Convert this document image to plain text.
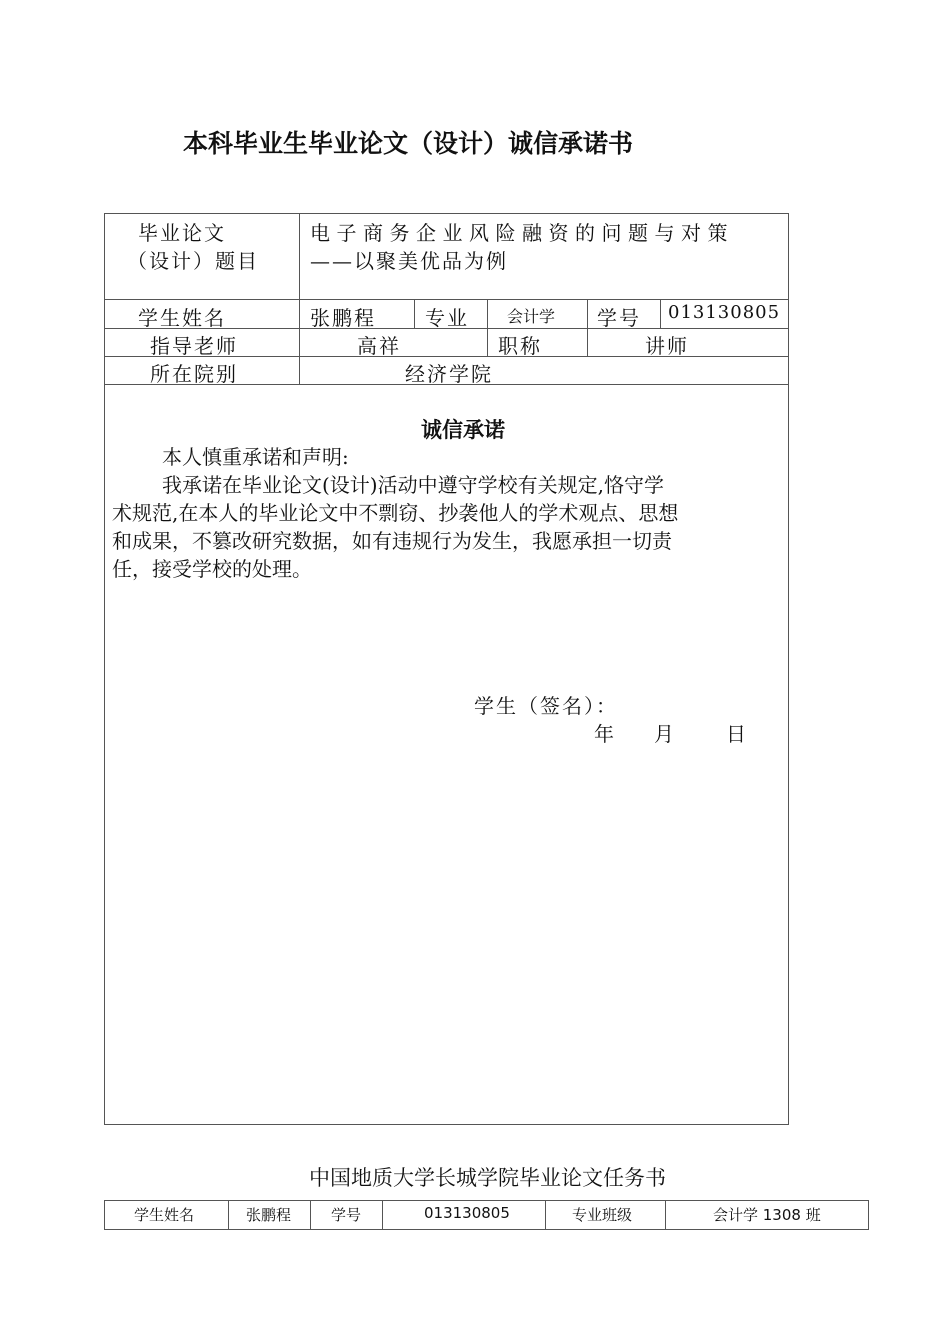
本科毕业生毕业论文（设计）诚信承诺书
毕业论文
（设计）题目
电子商务企业风险融资的问题与对策
——以聚美优品为例
学生姓名	张鹏程 专业 会计学 学号 013130805
指导老师	高祥	职称	讲师
所在院别	经济学院
诚信承诺
本人慎重承诺和声明:
我承诺在毕业论文(设计)活动中遵守学校有关规定,恪守学
术规范,在本人的毕业论文中不剽窃、抄袭他人的学术观点、思想
和成果，不篡改研究数据，如有违规行为发生，我愿承担一切责
任，接受学校的处理。
学生（签名）：
年 月	日
中国地质大学长城学院毕业论文任务书
学生姓名	张鹏程	学号	013130805	专业班级	会计学 1308 班
